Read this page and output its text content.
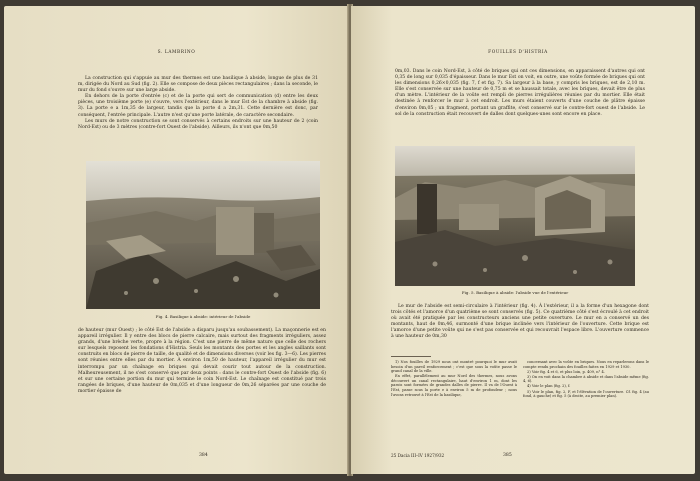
S. LAMBRINO

La construction qui s'appuie au mur des thermes est une basilique à abside, longue de plus de 31 m, dirigée du Nord au Sud (fig. 2). Elle se compose de deux pièces rectangulaires ; dans la seconde, le mur du fond s'ouvre sur une large abside.

En dehors de la porte d'entrée (c) et de la porte qui sert de communication (d) entre les deux pièces, une troisième porte (e) s'ouvre, vers l'extérieur, dans le mur Est de la chambre à abside (fig. 3). La porte e a 1m,35 de largeur, tandis que la porte d a 2m,31. Cette dernière est donc, par conséquent, l'entrée principale. L'autre n'est qu'une porte latérale, de caractère secondaire.

Les murs de notre construction se sont conservés à certains endroits sur une hauteur de 2 (coin Nord-Est) ou de 3 mètres (contre-fort Ouest de l'abside). Ailleurs, ils n'ont que 0m,50

Fig. 4. Basilique à abside: intérieur de l'abside

de hauteur (mur Ouest) ; le côté Est de l'abside a disparu jusqu'au soubassement). La maçonnerie est en appareil irrégulier. Il y entre des blocs de pierre calcaire, mais surtout des fragments irréguliers, assez grands, d'une brèche verte, propre à la région. C'est une pierre de même nature que celle des rochers sur lesquels reposent les fondations d'Histria. Seuls les montants des portes et les angles saillants sont construits en blocs de pierre de taille, de qualité et de dimensions diverses (voir les fig. 3—6). Les pierres sont réunies entre elles par du mortier. À environ 1m,50 de hauteur, l'appareil irrégulier du mur est interrompu par un chaînage en briques qui devait courir tout autour de la construction. Malheureusement, il ne s'est conservé que par deux points : dans le contre-fort Ouest de l'abside (fig. 6) et sur une certaine portion du mur qui termine le coin Nord-Est. Le chaînage est constitué par trois rangées de briques, d'une hauteur de 0m,035 et d'une longueur de 0m,26 séparées par une couche de mortier épaisse de

384
FOUILLES D'HISTRIA

0m,03. Dans le coin Nord-Est, à côté de briques qui ont ces dimensions, en apparaissent d'autres qui ont 0,35 de long sur 0,035 d'épaisseur. Dans le mur Est on voit, en outre, une voûte formée de briques qui ont les dimensions 0,26×0,035 (fig. 7, f et fig. 7). Sa largeur à la base, y compris les briques, est de 2,10 m. Elle s'est conservée sur une hauteur de 0,75 m et se haussait totale, avec les briques, devait être de plus d'un mètre. L'intérieur de la voûte est rempli de pierres irrégulières réunies par du mortier. Elle était destinée à renforcer le mur à cet endroit. Les murs étaient couverts d'une couche de plâtre épaisse d'environ 0m,05 ; un fragment, portant un graffite, s'est conservé sur le contre-fort ouest de l'abside. Le sol de la construction était recouvert de dalles dont quelques-unes sont encore en place.

Fig. 5. Basilique à abside: l'abside vue de l'extérieur

Le mur de l'abside est semi-circulaire à l'intérieur (fig. 4). À l'extérieur, il a la forme d'un hexagone dont trois côtés et l'amorce d'un quatrième se sont conservés (fig. 5). Ce quatrième côté s'est écroulé à cet endroit où avait été pratiquée par les constructeurs anciens une petite ouverture. Le mur en a conservé un des montants, haut de 0m,46, surmonté d'une brique inclinée vers l'intérieur de l'ouverture. Cette brique est l'amorce d'une petite voûte qui ne s'est pas conservée et qui recouvrait l'espace libre. L'ouverture commence à une hauteur de 0m,30

1) Nos fouilles de 1929 nous ont montré pourquoi le mur avait besoin d'un pareil renforcement ; c'est que sous la voûte passe le grand canal de la ville.

En effet, parallèlement au mur Nord des thermes, nous avons découvert un canal rectangulaire, haut d'environ 1 m, dont les parois sont formées de grandes dalles de pierre. Il va de l'Ouest à l'Est, passe sous la porte e à environ 5 m de profondeur ; nous l'avons retrouvé à l'Est de la basilique,

concernant avec la voûte en briques. Nous en reparlerons dans le compte rendu prochain des fouilles faites en 1929 et 1930.

2) Voir fig. 4 et 6, et plus loin, p. 409, n° 4.

3) On en voit dans la chambre à abside et dans l'abside même (fig. 4, 6).

4) Voir le plan (fig. 2), f.

5) Voir le plan, fig. 2, F, et l'élévation de l'ouverture. Cf. fig. 4 (au fond, à gauche) et fig. 5 (à droite, au premier plan).

25 Dacia III–IV 1927/932	385
